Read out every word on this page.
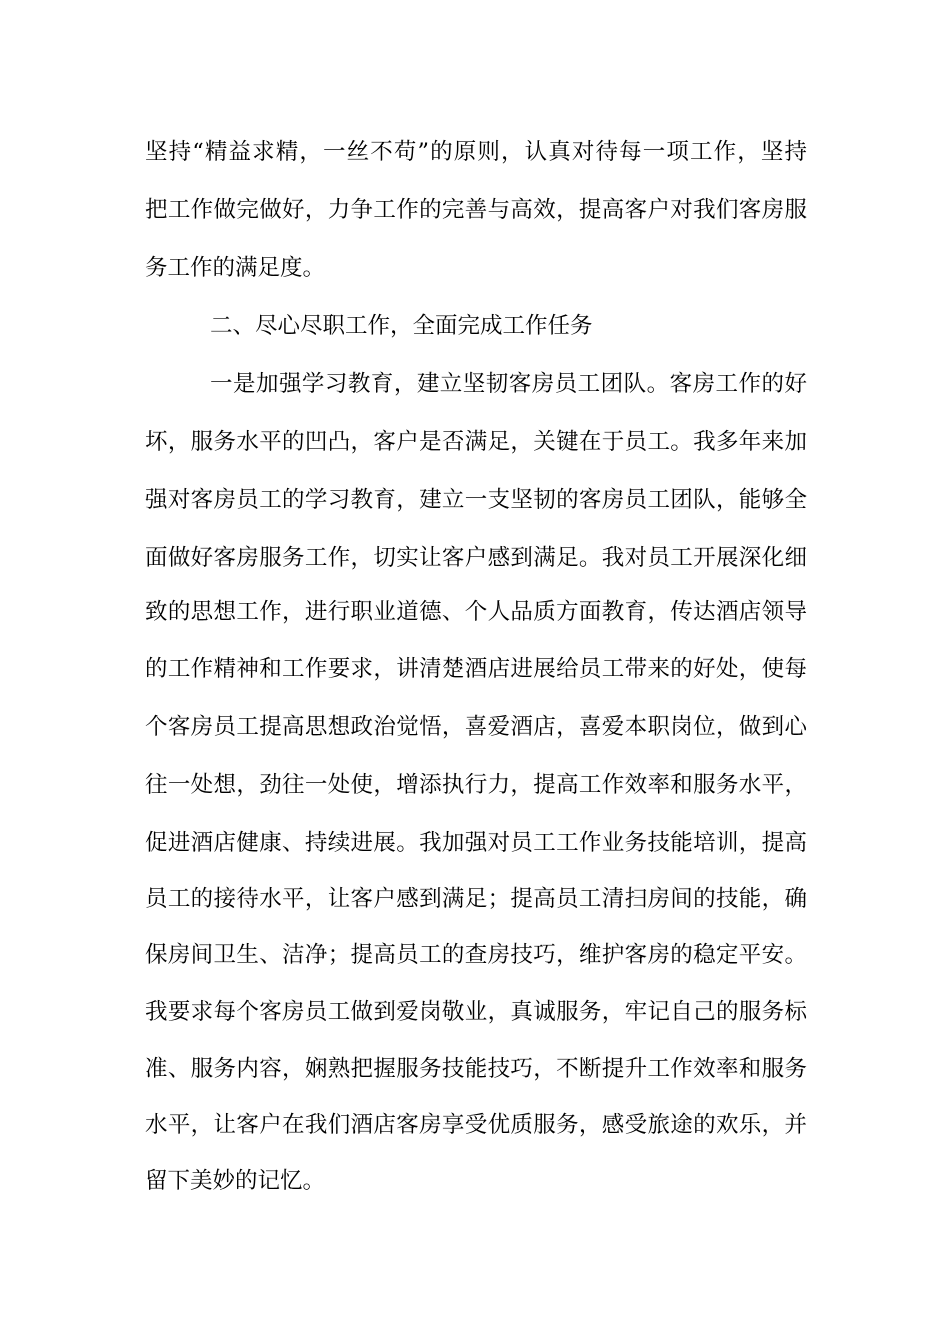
坚持“精益求精，一丝不苟”的原则，认真对待每一项工作，坚持
把工作做完做好，力争工作的完善与高效，提高客户对我们客房服
务工作的满足度。
二、尽心尽职工作，全面完成工作任务
一是加强学习教育，建立坚韧客房员工团队。客房工作的好
坏，服务水平的凹凸，客户是否满足，关键在于员工。我多年来加
强对客房员工的学习教育，建立一支坚韧的客房员工团队，能够全
面做好客房服务工作，切实让客户感到满足。我对员工开展深化细
致的思想工作，进行职业道德、个人品质方面教育，传达酒店领导
的工作精神和工作要求，讲清楚酒店进展给员工带来的好处，使每
个客房员工提高思想政治觉悟，喜爱酒店，喜爱本职岗位，做到心
往一处想，劲往一处使，增添执行力，提高工作效率和服务水平，
促进酒店健康、持续进展。我加强对员工工作业务技能培训，提高
员工的接待水平，让客户感到满足；提高员工清扫房间的技能，确
保房间卫生、洁净；提高员工的查房技巧，维护客房的稳定平安。
我要求每个客房员工做到爱岗敬业，真诚服务，牢记自己的服务标
准、服务内容，娴熟把握服务技能技巧，不断提升工作效率和服务
水平，让客户在我们酒店客房享受优质服务，感受旅途的欢乐，并
留下美妙的记忆。
